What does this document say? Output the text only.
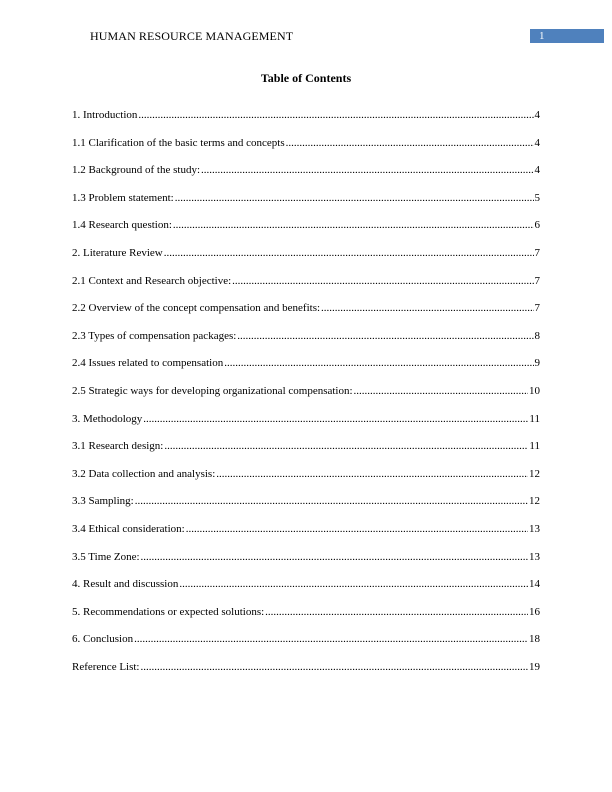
HUMAN RESOURCE MANAGEMENT	1
Table of Contents
1. Introduction .....	4
1.1 Clarification of the basic terms and concepts .....	4
1.2 Background of the study: .....	4
1.3 Problem statement: .....	5
1.4 Research question: .....	6
2. Literature Review .....	7
2.1 Context and Research objective: .....	7
2.2 Overview of the concept compensation and benefits: .....	7
2.3 Types of compensation packages: .....	8
2.4 Issues related to compensation .....	9
2.5 Strategic ways for developing organizational compensation: .....	10
3. Methodology .....	11
3.1 Research design: .....	11
3.2 Data collection and analysis: .....	12
3.3 Sampling: .....	12
3.4 Ethical consideration: .....	13
3.5 Time Zone: .....	13
4. Result and discussion .....	14
5. Recommendations or expected solutions: .....	16
6. Conclusion .....	18
Reference List: .....	19
